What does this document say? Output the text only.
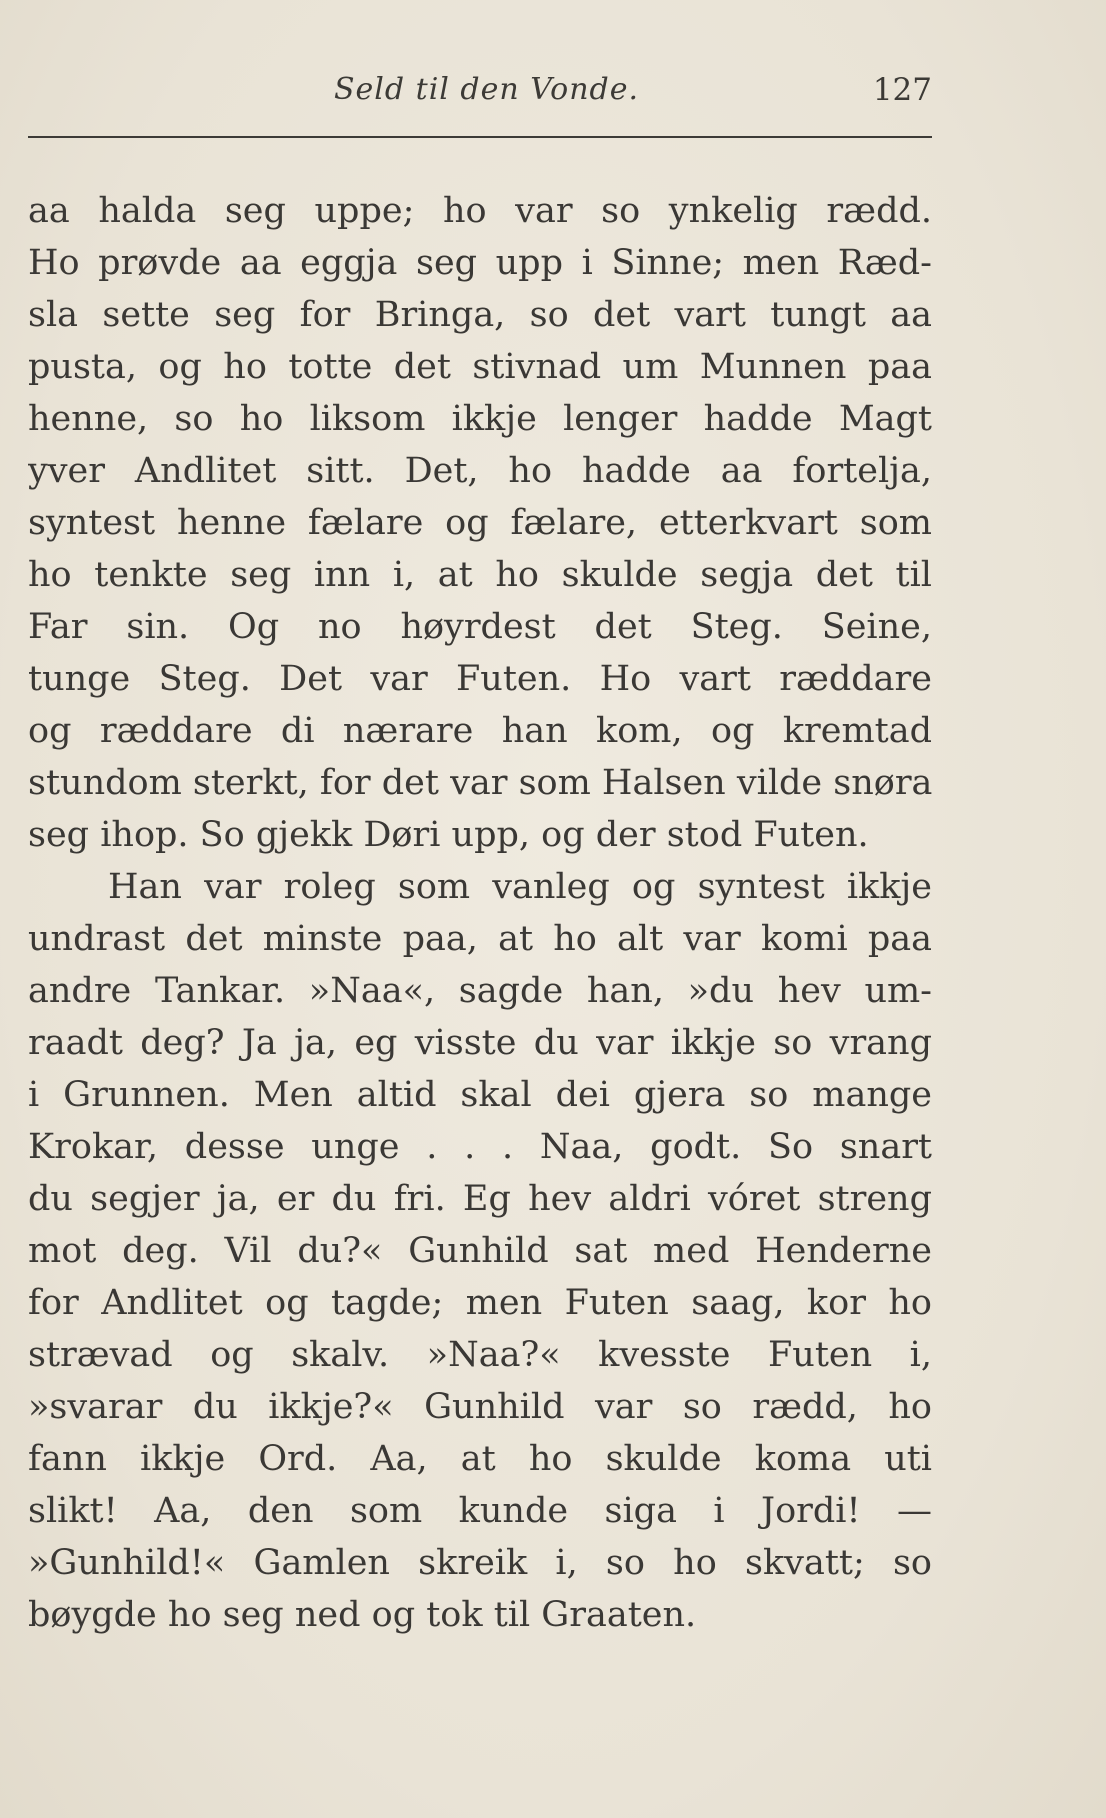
Seld til den Vonde.	127
aa halda seg uppe; ho var so ynkelig rædd.
Ho prøvde aa eggja seg upp i Sinne; men Ræd-
sla sette seg for Bringa, so det vart tungt aa
pusta, og ho totte det stivnad um Munnen paa
henne, so ho liksom ikkje lenger hadde Magt
yver Andlitet sitt. Det, ho hadde aa fortelja,
syntest henne fælare og fælare, etterkvart som
ho tenkte seg inn i, at ho skulde segja det til
Far sin. Og no høyrdest det Steg. Seine,
tunge Steg. Det var Futen. Ho vart ræddare
og ræddare di nærare han kom, og kremtad
stundom sterkt, for det var som Halsen vilde snøra
seg ihop. So gjekk Døri upp, og der stod Futen.
Han var roleg som vanleg og syntest ikkje
undrast det minste paa, at ho alt var komi paa
andre Tankar. »Naa«, sagde han, »du hev um-
raadt deg? Ja ja, eg visste du var ikkje so vrang
i Grunnen. Men altid skal dei gjera so mange
Krokar, desse unge . . . Naa, godt. So snart
du segjer ja, er du fri. Eg hev aldri vóret streng
mot deg. Vil du?« Gunhild sat med Henderne
for Andlitet og tagde; men Futen saag, kor ho
strævad og skalv. »Naa?« kvesste Futen i,
»svarar du ikkje?« Gunhild var so rædd, ho
fann ikkje Ord. Aa, at ho skulde koma uti
slikt! Aa, den som kunde siga i Jordi! —
»Gunhild!« Gamlen skreik i, so ho skvatt; so
bøygde ho seg ned og tok til Graaten.
